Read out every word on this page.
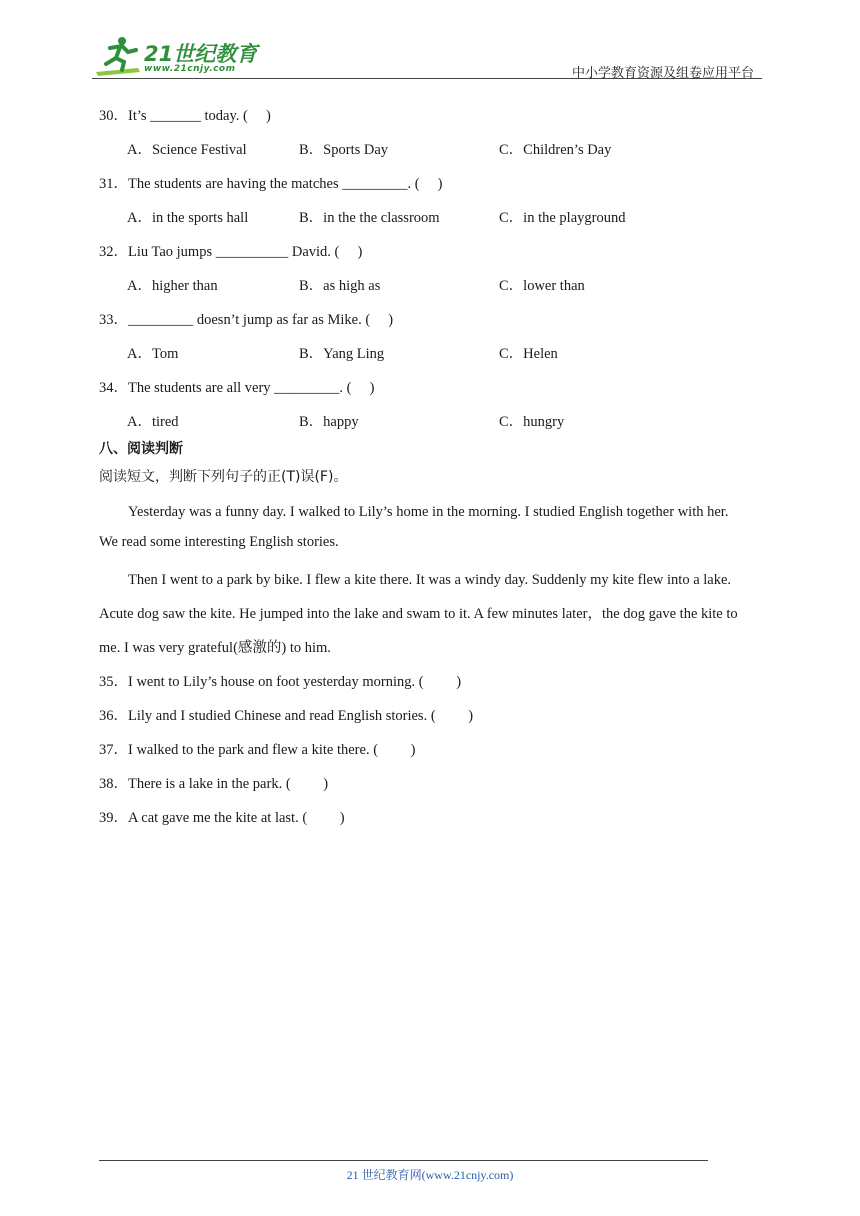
21世纪教育
www.21cnjy.com	中小学教育资源及组卷应用平台
30．It’s _______ today. (　 )
A．Science Festival	B．Sports Day	C．Children’s Day
31．The students are having the matches _________. (　 )
A．in the sports hall	B．in the the classroom	C．in the playground
32．Liu Tao jumps __________ David. (　 )
A．higher than	B．as high as	C．lower than
33．_________ doesn’t jump as far as Mike. (　 )
A．Tom	B．Yang Ling	C．Helen
34．The students are all very _________. (　 )
A．tired	B．happy	C．hungry
八、阅读判断
阅读短文，判断下列句子的正(T)误(F)。
　　Yesterday was a funny day. I walked to Lily’s home in the morning. I studied English together with her.
We read some interesting English stories.
　　Then I went to a park by bike. I flew a kite there. It was a windy day. Suddenly my kite flew into a lake.
Acute dog saw the kite. He jumped into the lake and swam to it. A few minutes later，the dog gave the kite to
me. I was very grateful(感激的) to him.
35．I went to Lily’s house on foot yesterday morning. (　　 )
36．Lily and I studied Chinese and read English stories. (　　 )
37．I walked to the park and flew a kite there. (　　 )
38．There is a lake in the park. (　　 )
39．A cat gave me the kite at last. (　　 )
21 世纪教育网(www.21cnjy.com)
